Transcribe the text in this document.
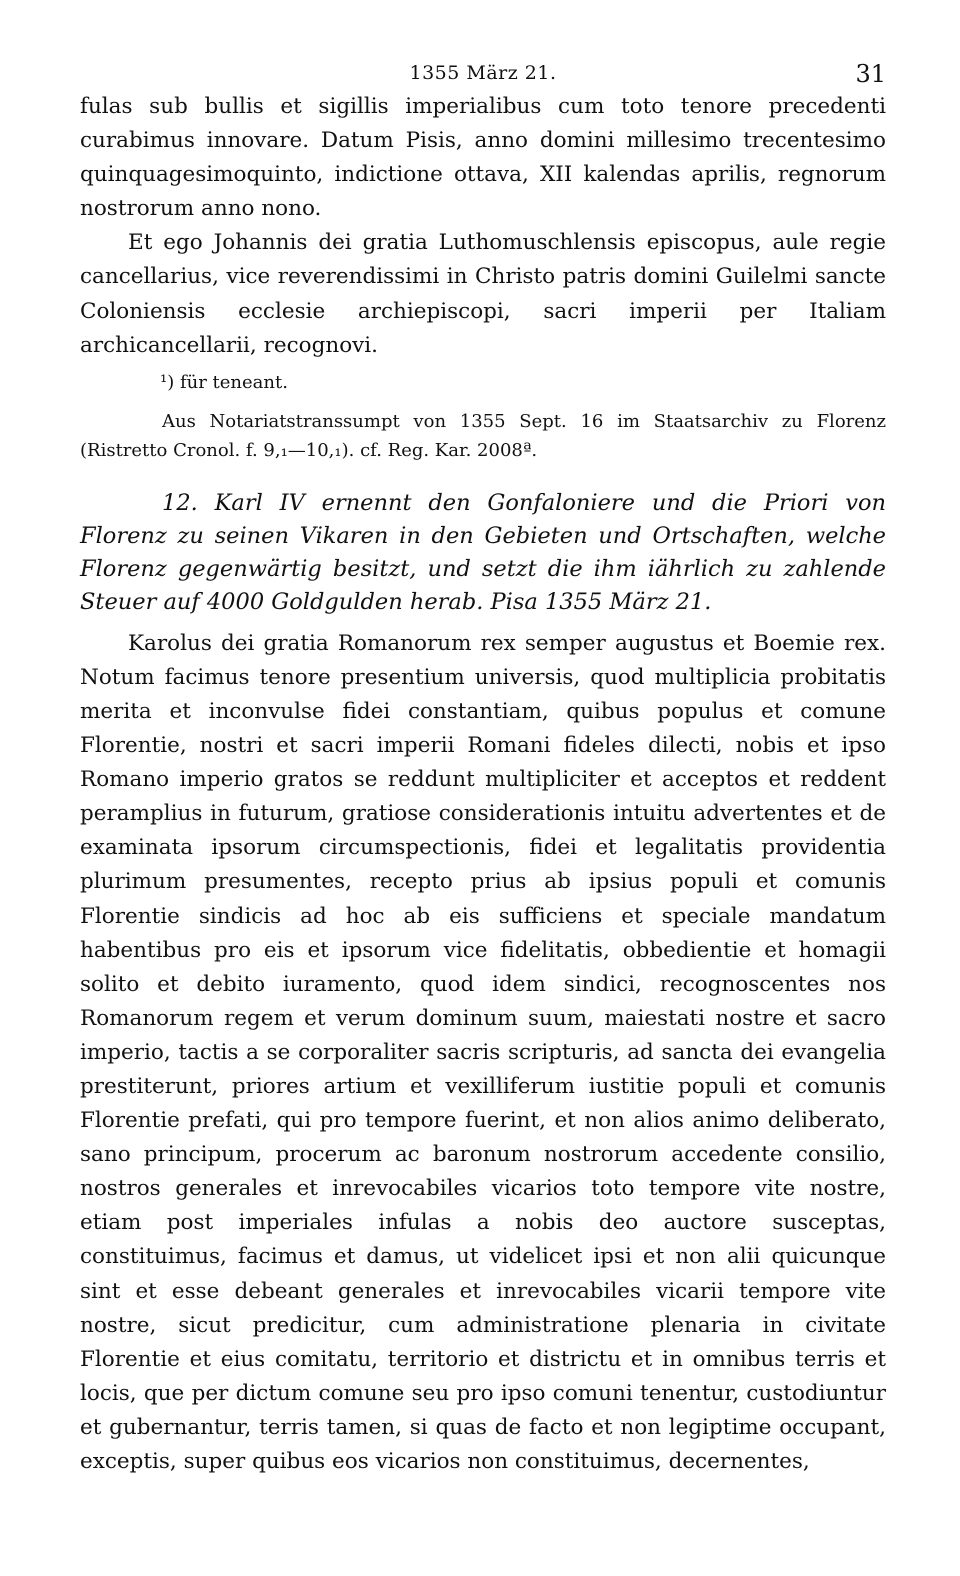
1355 März 21.	31

fulas sub bullis et sigillis imperialibus cum toto tenore precedenti curabimus innovare. Datum Pisis, anno domini millesimo trecentesimo quinquagesimoquinto, indictione ottava, XII kalendas aprilis, regnorum nostrorum anno nono.

Et ego Johannis dei gratia Luthomuschlensis episcopus, aule regie cancellarius, vice reverendissimi in Christo patris domini Guilelmi sancte Coloniensis ecclesie archiepiscopi, sacri imperii per Italiam archicancellarii, recognovi.

¹) für teneant.
Aus Notariatstranssumpt von 1355 Sept. 16 im Staatsarchiv zu Florenz (Ristretto Cronol. f. 9,₁—10,₁). cf. Reg. Kar. 2008ª.
12. Karl IV ernennt den Gonfaloniere und die Priori von Florenz zu seinen Vikaren in den Gebieten und Ortschaften, welche Florenz gegenwärtig besitzt, und setzt die ihm iährlich zu zahlende Steuer auf 4000 Goldgulden herab. Pisa 1355 März 21.

Karolus dei gratia Romanorum rex semper augustus et Boemie rex. Notum facimus tenore presentium universis, quod multiplicia probitatis merita et inconvulse fidei constantiam, quibus populus et comune Florentie, nostri et sacri imperii Romani fideles dilecti, nobis et ipso Romano imperio gratos se reddunt multipliciter et acceptos et reddent peramplius in futurum, gratiose considerationis intuitu advertentes et de examinata ipsorum circumspectionis, fidei et legalitatis providentia plurimum presumentes, recepto prius ab ipsius populi et comunis Florentie sindicis ad hoc ab eis sufficiens et speciale mandatum habentibus pro eis et ipsorum vice fidelitatis, obbedientie et homagii solito et debito iuramento, quod idem sindici, recognoscentes nos Romanorum regem et verum dominum suum, maiestati nostre et sacro imperio, tactis a se corporaliter sacris scripturis, ad sancta dei evangelia prestiterunt, priores artium et vexilliferum iustitie populi et comunis Florentie prefati, qui pro tempore fuerint, et non alios animo deliberato, sano principum, procerum ac baronum nostrorum accedente consilio, nostros generales et inrevocabiles vicarios toto tempore vite nostre, etiam post imperiales infulas a nobis deo auctore susceptas, constituimus, facimus et damus, ut videlicet ipsi et non alii quicunque sint et esse debeant generales et inrevocabiles vicarii tempore vite nostre, sicut predicitur, cum administratione plenaria in civitate Florentie et eius comitatu, territorio et districtu et in omnibus terris et locis, que per dictum comune seu pro ipso comuni tenentur, custodiuntur et gubernantur, terris tamen, si quas de facto et non legiptime occupant, exceptis, super quibus eos vicarios non constituimus, decernentes,
